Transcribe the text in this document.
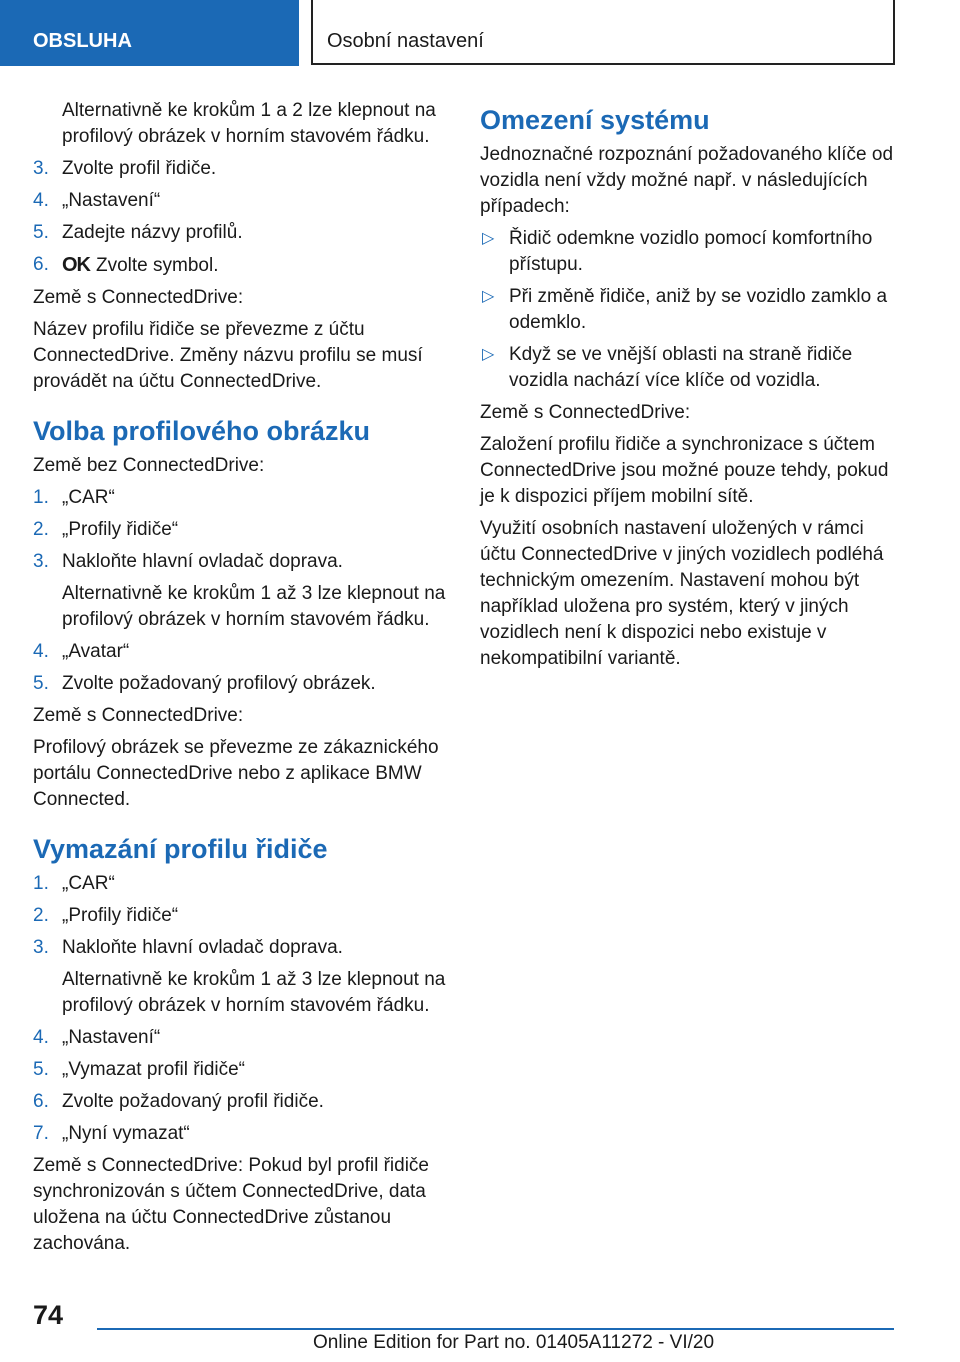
OBSLUHA	Osobní nastavení
Alternativně ke krokům 1 a 2 lze klepnout na profilový obrázek v horním stavovém řádku.
3. Zvolte profil řidiče.
4. „Nastavení“
5. Zadejte názvy profilů.
6. OK Zvolte symbol.
Země s ConnectedDrive:
Název profilu řidiče se převezme z účtu ConnectedDrive. Změny názvu profilu se musí provádět na účtu ConnectedDrive.
Volba profilového obrázku
Země bez ConnectedDrive:
1. „CAR“
2. „Profily řidiče“
3. Nakloňte hlavní ovladač doprava.
Alternativně ke krokům 1 až 3 lze klepnout na profilový obrázek v horním stavovém řádku.
4. „Avatar“
5. Zvolte požadovaný profilový obrázek.
Země s ConnectedDrive:
Profilový obrázek se převezme ze zákaznického portálu ConnectedDrive nebo z aplikace BMW Connected.
Vymazání profilu řidiče
1. „CAR“
2. „Profily řidiče“
3. Nakloňte hlavní ovladač doprava.
Alternativně ke krokům 1 až 3 lze klepnout na profilový obrázek v horním stavovém řádku.
4. „Nastavení“
5. „Vymazat profil řidiče“
6. Zvolte požadovaný profil řidiče.
7. „Nyní vymazat“
Země s ConnectedDrive: Pokud byl profil řidiče synchronizován s účtem ConnectedDrive, data uložena na účtu ConnectedDrive zůstanou zachována.
Omezení systému
Jednoznačné rozpoznání požadovaného klíče od vozidla není vždy možné např. v následujících případech:
▷ Řidič odemkne vozidlo pomocí komfortního přístupu.
▷ Při změně řidiče, aniž by se vozidlo zamklo a odemklo.
▷ Když se ve vnější oblasti na straně řidiče vozidla nachází více klíče od vozidla.
Země s ConnectedDrive:
Založení profilu řidiče a synchronizace s účtem ConnectedDrive jsou možné pouze tehdy, pokud je k dispozici příjem mobilní sítě.
Využití osobních nastavení uložených v rámci účtu ConnectedDrive v jiných vozidlech podléhá technickým omezením. Nastavení mohou být například uložena pro systém, který v jiných vozidlech není k dispozici nebo existuje v nekompatibilní variantě.
74
Online Edition for Part no. 01405A11272 - VI/20
